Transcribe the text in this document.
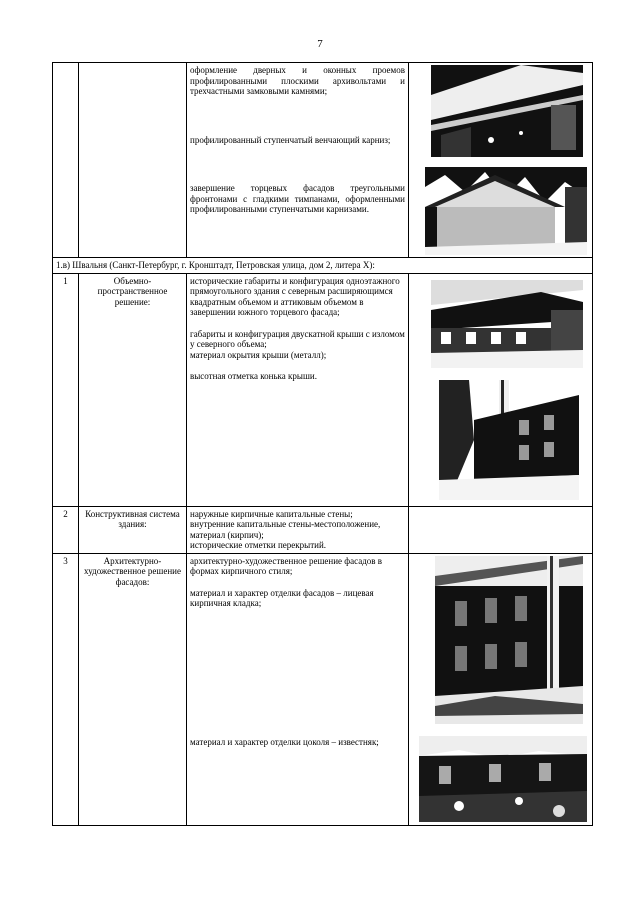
7

		оформление дверных и оконных проемов профилированными плоскими архивольтами и трехчастными замковыми камнями;

профилированный ступенчатый венчающий карниз;

завершение торцевых фасадов треугольными фронтонами с гладкими тимпанами, оформленными профилированными ступенчатыми карнизами.

1.в) Швальня (Санкт-Петербург, г. Кронштадт, Петровская улица, дом 2, литера Х):			
1	Объемно-пространственное решение:	исторические габариты и конфигурация одноэтажного прямоугольного здания с северным расширяющимся квадратным объемом и аттиковым объемом в завершении южного торцевого фасада;

габариты и конфигурация двускатной крыши с изломом у северного объема;

материал окрытия крыши (металл);

высотная отметка конька крыши.

2	Конструктивная система здания:	наружные кирпичные капитальные стены;

внутренние капитальные стены-местоположение, материал (кирпич);

исторические отметки перекрытий.	

3	Архитектурно-художественное решение фасадов:	архитектурно-художественное решение фасадов в формах кирпичного стиля;

материал и характер отделки фасадов – лицевая кирпичная кладка;

материал и характер отделки цоколя – известняк;
